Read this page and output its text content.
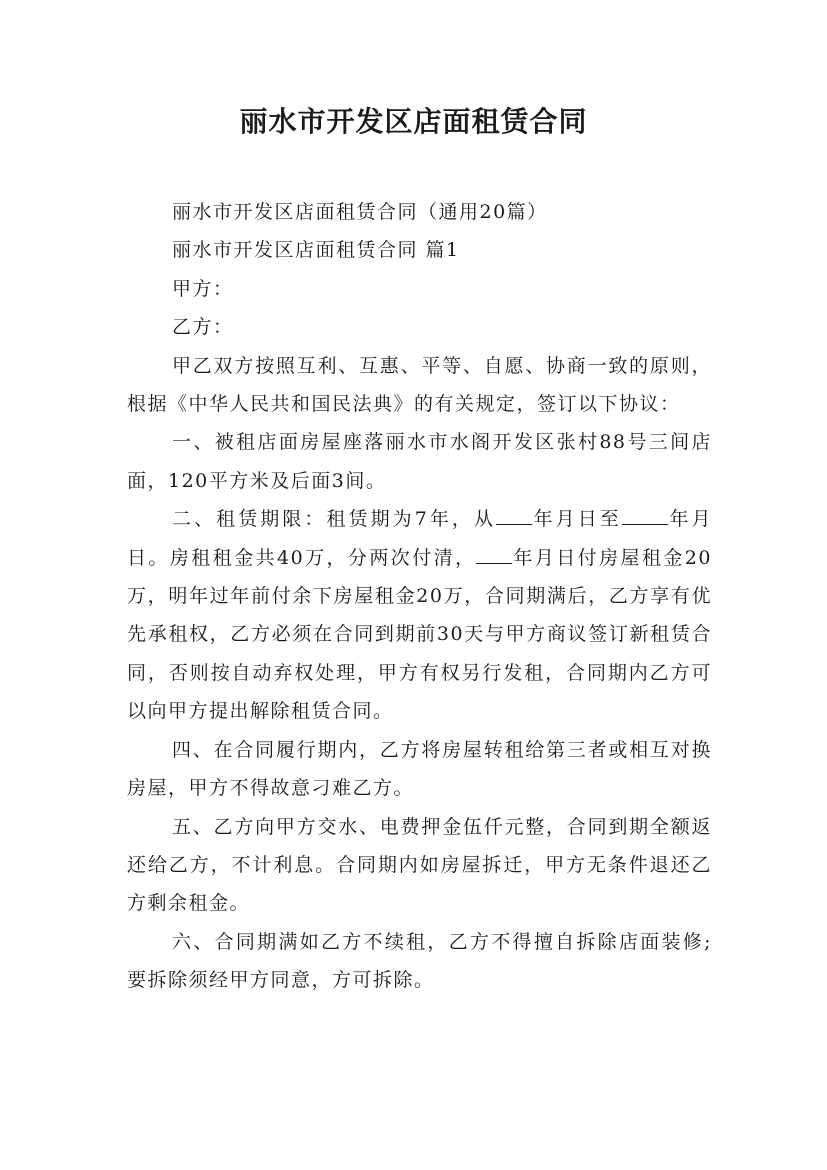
丽水市开发区店面租赁合同

丽水市开发区店面租赁合同（通用20篇）

丽水市开发区店面租赁合同 篇1

甲方：

乙方：

甲乙双方按照互利、互惠、平等、自愿、协商一致的原则，根据《中华人民共和国民法典》的有关规定，签订以下协议：

一、被租店面房屋座落丽水市水阁开发区张村88号三间店面，120平方米及后面3间。

二、租赁期限：租赁期为7年，从 年月日至 年月日。房租租金共40万，分两次付清， 年月日付房屋租金20万，明年过年前付余下房屋租金20万，合同期满后，乙方享有优先承租权，乙方必须在合同到期前30天与甲方商议签订新租赁合同，否则按自动弃权处理，甲方有权另行发租，合同期内乙方可以向甲方提出解除租赁合同。

四、在合同履行期内，乙方将房屋转租给第三者或相互对换房屋，甲方不得故意刁难乙方。

五、乙方向甲方交水、电费押金伍仟元整，合同到期全额返还给乙方，不计利息。合同期内如房屋拆迁，甲方无条件退还乙方剩余租金。

六、合同期满如乙方不续租，乙方不得擅自拆除店面装修;要拆除须经甲方同意，方可拆除。
